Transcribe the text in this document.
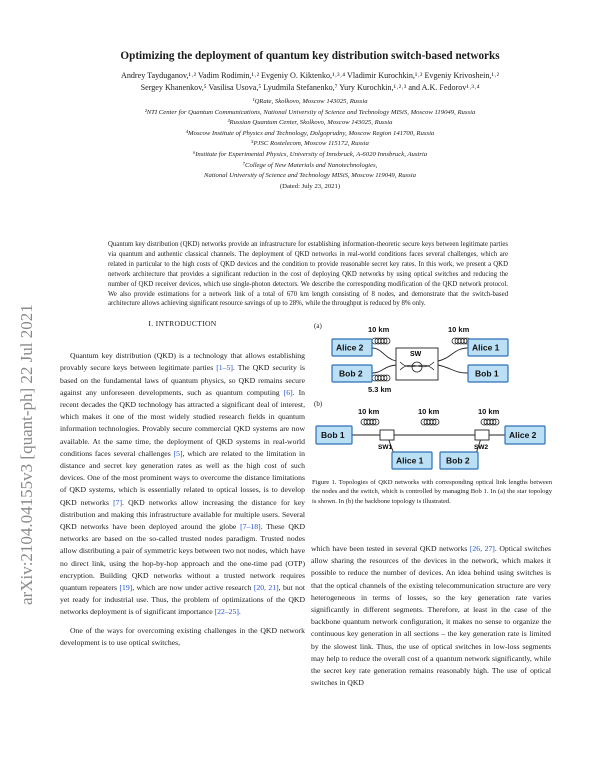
arXiv:2104.04155v3 [quant-ph] 22 Jul 2021
Optimizing the deployment of quantum key distribution switch-based networks
Andrey Tayduganov,¹˒² Vadim Rodimin,¹˒² Evgeniy O. Kiktenko,¹˒³˒⁴ Vladimir Kurochkin,¹˒² Evgeniy Krivoshein,¹˒²
Sergey Khanenkov,⁵ Vasilisa Usova,⁵ Lyudmila Stefanenko,⁷ Yury Kurochkin,¹˒²˒³ and A.K. Fedorov¹˒³˒⁴
¹QRate, Skolkovo, Moscow 143025, Russia
²NTI Center for Quantum Communications, National University of Science and Technology MISiS, Moscow 119049, Russia
³Russian Quantum Center, Skolkovo, Moscow 143025, Russia
⁴Moscow Institute of Physics and Technology, Dolgoprudny, Moscow Region 141700, Russia
⁵PJSC Rostelecom, Moscow 115172, Russia
⁶Institute for Experimental Physics, University of Innsbruck, A-6020 Innsbruck, Austria
⁷College of New Materials and Nanotechnologies,
National University of Science and Technology MISiS, Moscow 119049, Russia
(Dated: July 23, 2021)
Quantum key distribution (QKD) networks provide an infrastructure for establishing information-theoretic secure keys between legitimate parties via quantum and authentic classical channels. The deployment of QKD networks in real-world conditions faces several challenges, which are related in particular to the high costs of QKD devices and the condition to provide reasonable secret key rates. In this work, we present a QKD network architecture that provides a significant reduction in the cost of deploying QKD networks by using optical switches and reducing the number of QKD receiver devices, which use single-photon detectors. We describe the corresponding modification of the QKD network protocol. We also provide estimations for a network link of a total of 670 km length consisting of 8 nodes, and demonstrate that the switch-based architecture allows achieving significant resource savings of up to 28%, while the throughput is reduced by 8% only.
I. INTRODUCTION

Quantum key distribution (QKD) is a technology that allows establishing provably secure keys between legitimate parties [1–5]. The QKD security is based on the fundamental laws of quantum physics, so QKD remains secure against any unforeseen developments, such as quantum computing [6]. In recent decades the QKD technology has attracted a significant deal of interest, which makes it one of the most widely studied research fields in quantum information technologies. Provably secure commercial QKD systems are now available. At the same time, the deployment of QKD systems in real-world conditions faces several challenges [5], which are related to the limitation in distance and secret key generation rates as well as the high cost of such devices. One of the most prominent ways to overcome the distance limitations of QKD systems, which is essentially related to optical losses, is to develop QKD networks [7]. QKD networks allow increasing the distance for key distribution and making this infrastructure available for multiple users. Several QKD networks have been deployed around the globe [7–18]. These QKD networks are based on the so-called trusted nodes paradigm. Trusted nodes allow distributing a pair of symmetric keys between two not nodes, which have no direct link, using the hop-by-hop approach and the one-time pad (OTP) encryption. Building QKD networks without a trusted network requires quantum repeaters [19], which are now under active research [20, 21], but not yet ready for industrial use. Thus, the problem of optimizations of the QKD networks deployment is of significant importance [22–25].

One of the ways for overcoming existing challenges in the QKD network development is to use optical switches,

(a)	10 km	10 km
5.3 km
SW
Alice 2
Bob 2
Alice 1
Bob 1
(b)
10 km	10 km	10 km
SW1	SW2
Bob 1
Alice 1	Bob 2
Alice 2
Figure 1. Topologies of QKD networks with corresponding optical link lengths between the nodes and the switch, which is controlled by managing Bob 1. In (a) the star topology is shown. In (b) the backbone topology is illustrated.

which have been tested in several QKD networks [26, 27]. Optical switches allow sharing the resources of the devices in the network, which makes it possible to reduce the number of devices. An idea behind using switches is that the optical channels of the existing telecommunication structure are very heterogeneous in terms of losses, so the key generation rate varies significantly in different segments. Therefore, at least in the case of the backbone quantum network configuration, it makes no sense to organize the continuous key generation in all sections – the key generation rate is limited by the slowest link. Thus, the use of optical switches in low-loss segments may help to reduce the overall cost of a quantum network significantly, while the secret key rate generation remains reasonably high. The use of optical switches in QKD
